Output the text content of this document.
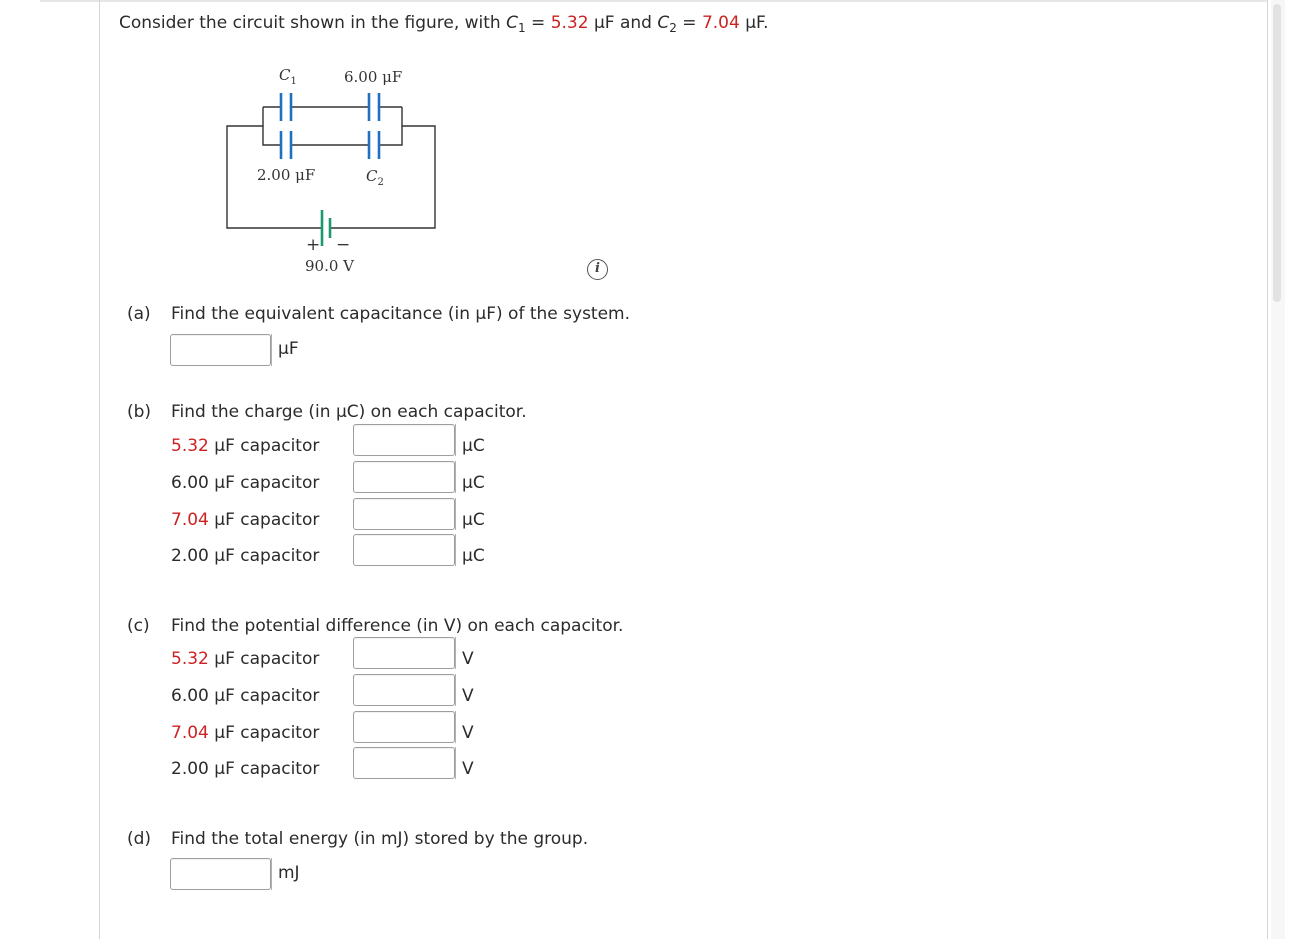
Consider the circuit shown in the figure, with $C_1 = 5.32$ μF and $C_2 = 7.04$ μF.
$C_1$	6.00 μF
2.00 μF	$C_2$
+ −
90.0 V	i
(a) Find the equivalent capacitance (in μF) of the system.
μF
(b) Find the charge (in μC) on each capacitor.
5.32 μF capacitor	μC
6.00 μF capacitor	μC
7.04 μF capacitor	μC
2.00 μF capacitor	μC
(c) Find the potential difference (in V) on each capacitor.
5.32 μF capacitor	V
6.00 μF capacitor	V
7.04 μF capacitor	V
2.00 μF capacitor	V
(d) Find the total energy (in mJ) stored by the group.
mJ
